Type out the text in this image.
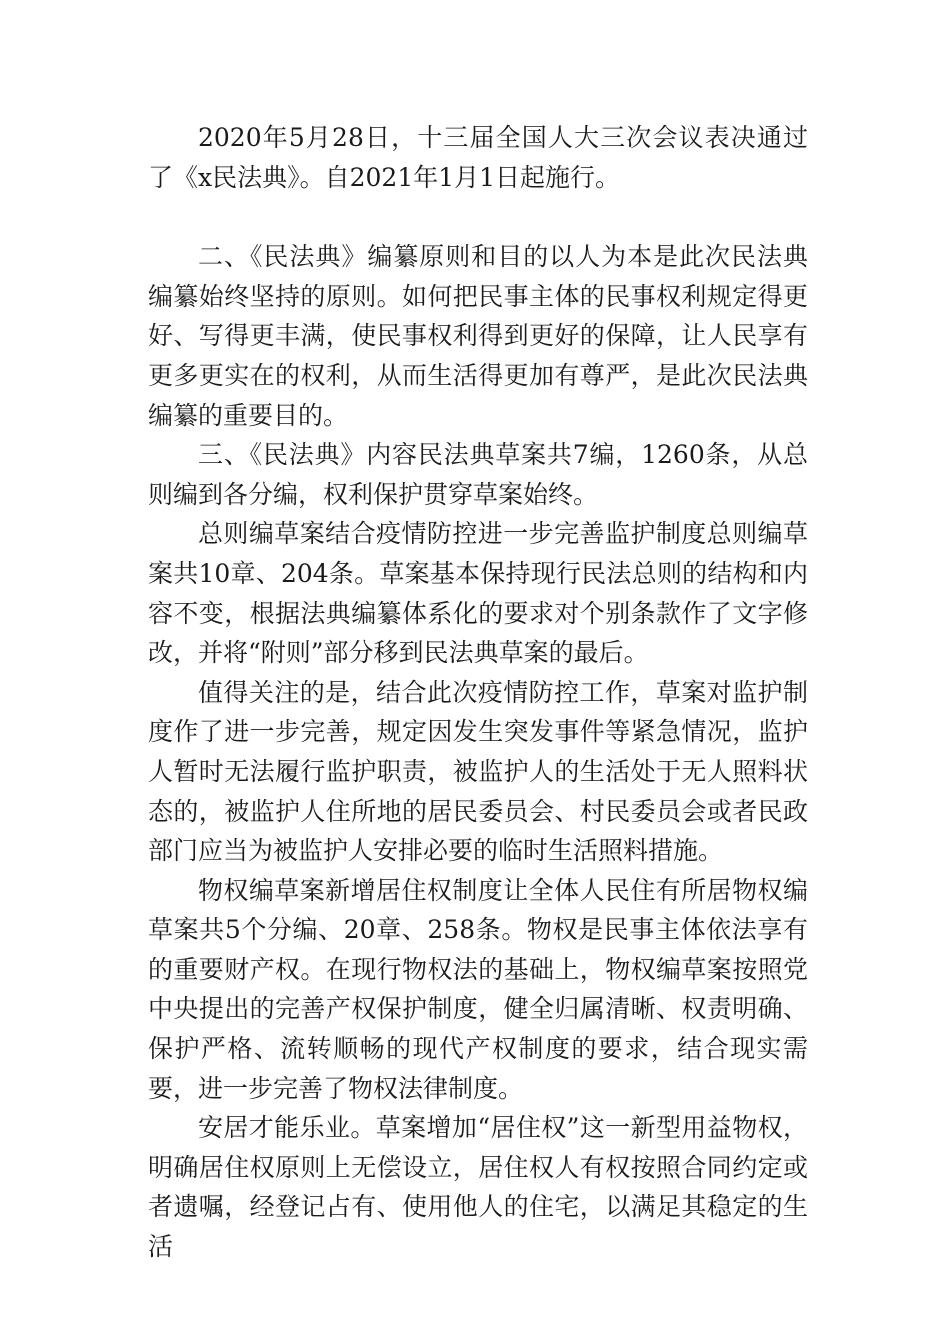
2020年5月28日，十三届全国人大三次会议表决通过了《x民法典》。自2021年1月1日起施行。

二、《民法典》编纂原则和目的以人为本是此次民法典编纂始终坚持的原则。如何把民事主体的民事权利规定得更好、写得更丰满，使民事权利得到更好的保障，让人民享有更多更实在的权利，从而生活得更加有尊严，是此次民法典编纂的重要目的。

三、《民法典》内容民法典草案共7编，1260条，从总则编到各分编，权利保护贯穿草案始终。

总则编草案结合疫情防控进一步完善监护制度总则编草案共10章、204条。草案基本保持现行民法总则的结构和内容不变，根据法典编纂体系化的要求对个别条款作了文字修改，并将“附则”部分移到民法典草案的最后。

值得关注的是，结合此次疫情防控工作，草案对监护制度作了进一步完善，规定因发生突发事件等紧急情况，监护人暂时无法履行监护职责，被监护人的生活处于无人照料状态的，被监护人住所地的居民委员会、村民委员会或者民政部门应当为被监护人安排必要的临时生活照料措施。

物权编草案新增居住权制度让全体人民住有所居物权编草案共5个分编、20章、258条。物权是民事主体依法享有的重要财产权。在现行物权法的基础上，物权编草案按照党中央提出的完善产权保护制度，健全归属清晰、权责明确、保护严格、流转顺畅的现代产权制度的要求，结合现实需要，进一步完善了物权法律制度。

安居才能乐业。草案增加“居住权”这一新型用益物权，明确居住权原则上无偿设立，居住权人有权按照合同约定或者遗嘱，经登记占有、使用他人的住宅，以满足其稳定的生活
